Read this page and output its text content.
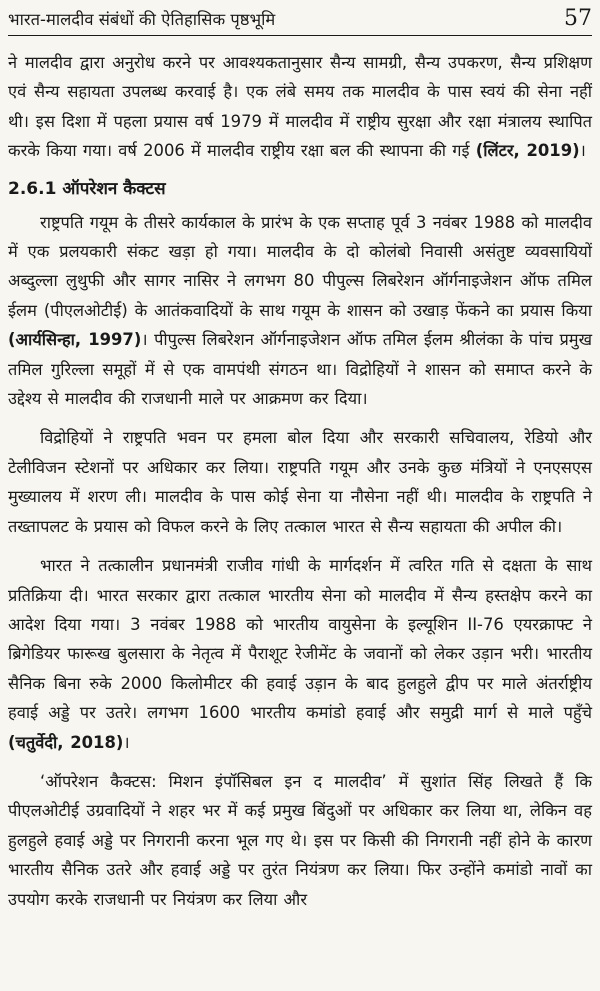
भारत-मालदीव संबंधों की ऐतिहासिक पृष्ठभूमि	57

ने मालदीव द्वारा अनुरोध करने पर आवश्यकतानुसार सैन्य सामग्री, सैन्य उपकरण, सैन्य प्रशिक्षण एवं सैन्य सहायता उपलब्ध करवाई है। एक लंबे समय तक मालदीव के पास स्वयं की सेना नहीं थी। इस दिशा में पहला प्रयास वर्ष 1979 में मालदीव में राष्ट्रीय सुरक्षा और रक्षा मंत्रालय स्थापित करके किया गया। वर्ष 2006 में मालदीव राष्ट्रीय रक्षा बल की स्थापना की गई (लिंटर, 2019)।

2.6.1 ऑपरेशन कैक्टस

राष्ट्रपति गयूम के तीसरे कार्यकाल के प्रारंभ के एक सप्ताह पूर्व 3 नवंबर 1988 को मालदीव में एक प्रलयकारी संकट खड़ा हो गया। मालदीव के दो कोलंबो निवासी असंतुष्ट व्यवसायियों अब्दुल्ला लुथुफी और सागर नासिर ने लगभग 80 पीपुल्स लिबरेशन ऑर्गनाइजेशन ऑफ तमिल ईलम (पीएलओटीई) के आतंकवादियों के साथ गयूम के शासन को उखाड़ फेंकने का प्रयास किया (आर्यसिन्हा, 1997)। पीपुल्स लिबरेशन ऑर्गनाइजेशन ऑफ तमिल ईलम श्रीलंका के पांच प्रमुख तमिल गुरिल्ला समूहों में से एक वामपंथी संगठन था। विद्रोहियों ने शासन को समाप्त करने के उद्देश्य से मालदीव की राजधानी माले पर आक्रमण कर दिया।

विद्रोहियों ने राष्ट्रपति भवन पर हमला बोल दिया और सरकारी सचिवालय, रेडियो और टेलीविजन स्टेशनों पर अधिकार कर लिया। राष्ट्रपति गयूम और उनके कुछ मंत्रियों ने एनएसएस मुख्यालय में शरण ली। मालदीव के पास कोई सेना या नौसेना नहीं थी। मालदीव के राष्ट्रपति ने तख्तापलट के प्रयास को विफल करने के लिए तत्काल भारत से सैन्य सहायता की अपील की।

भारत ने तत्कालीन प्रधानमंत्री राजीव गांधी के मार्गदर्शन में त्वरित गति से दक्षता के साथ प्रतिक्रिया दी। भारत सरकार द्वारा तत्काल भारतीय सेना को मालदीव में सैन्य हस्तक्षेप करने का आदेश दिया गया। 3 नवंबर 1988 को भारतीय वायुसेना के इल्यूशिन II-76 एयरक्राफ्ट ने ब्रिगेडियर फारूख बुलसारा के नेतृत्व में पैराशूट रेजीमेंट के जवानों को लेकर उड़ान भरी। भारतीय सैनिक बिना रुके 2000 किलोमीटर की हवाई उड़ान के बाद हुलहुले द्वीप पर माले अंतर्राष्ट्रीय हवाई अड्डे पर उतरे। लगभग 1600 भारतीय कमांडो हवाई और समुद्री मार्ग से माले पहुँचे (चतुर्वेदी, 2018)।

‘ऑपरेशन कैक्टस: मिशन इंपॉसिबल इन द मालदीव’ में सुशांत सिंह लिखते हैं कि पीएलओटीई उग्रवादियों ने शहर भर में कई प्रमुख बिंदुओं पर अधिकार कर लिया था, लेकिन वह हुलहुले हवाई अड्डे पर निगरानी करना भूल गए थे। इस पर किसी की निगरानी नहीं होने के कारण भारतीय सैनिक उतरे और हवाई अड्डे पर तुरंत नियंत्रण कर लिया। फिर उन्होंने कमांडो नावों का उपयोग करके राजधानी पर नियंत्रण कर लिया और
